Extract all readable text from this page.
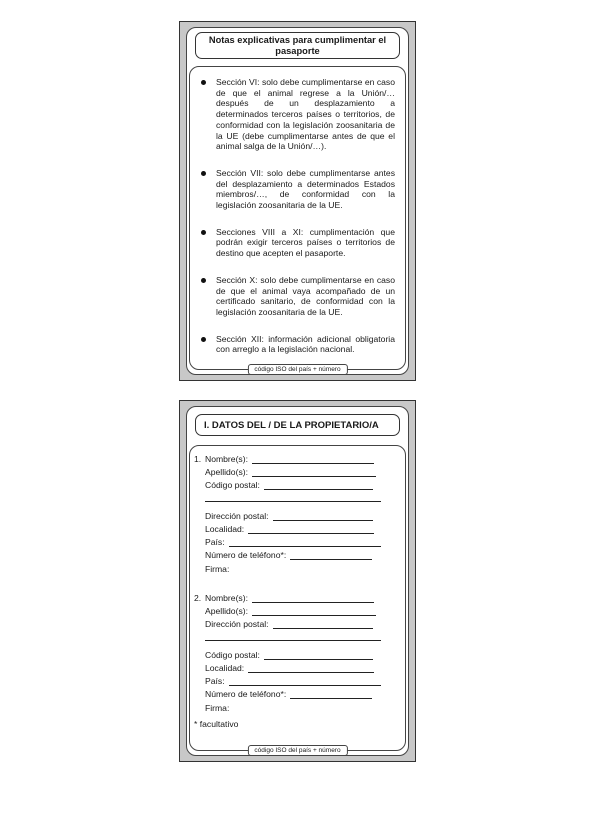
Notas explicativas para cumplimentar el pasaporte
Sección VI: solo debe cumplimentarse en caso de que el animal regrese a la Unión/… después de un desplazamiento a determinados terceros países o territorios, de conformidad con la legislación zoosanitaria de la UE (debe cumplimentarse antes de que el animal salga de la Unión/…).
Sección VII: solo debe cumplimentarse antes del desplazamiento a determinados Estados miembros/…, de conformidad con la legislación zoosanitaria de la UE.
Secciones VIII a XI: cumplimentación que podrán exigir terceros países o territorios de destino que acepten el pasaporte.
Sección X: solo debe cumplimentarse en caso de que el animal vaya acompañado de un certificado sanitario, de conformidad con la legislación zoosanitaria de la UE.
Sección XII: información adicional obligatoria con arreglo a la legislación nacional.
código ISO del país + número
I. DATOS DEL / DE LA PROPIETARIO/A
1. Nombre(s):
Apellido(s):
Código postal:
Dirección postal:
Localidad:
País:
Número de teléfono*:
Firma:
2. Nombre(s):
Apellido(s):
Dirección postal:
Código postal:
Localidad:
País:
Número de teléfono*:
Firma:
* facultativo
código ISO del país + número
